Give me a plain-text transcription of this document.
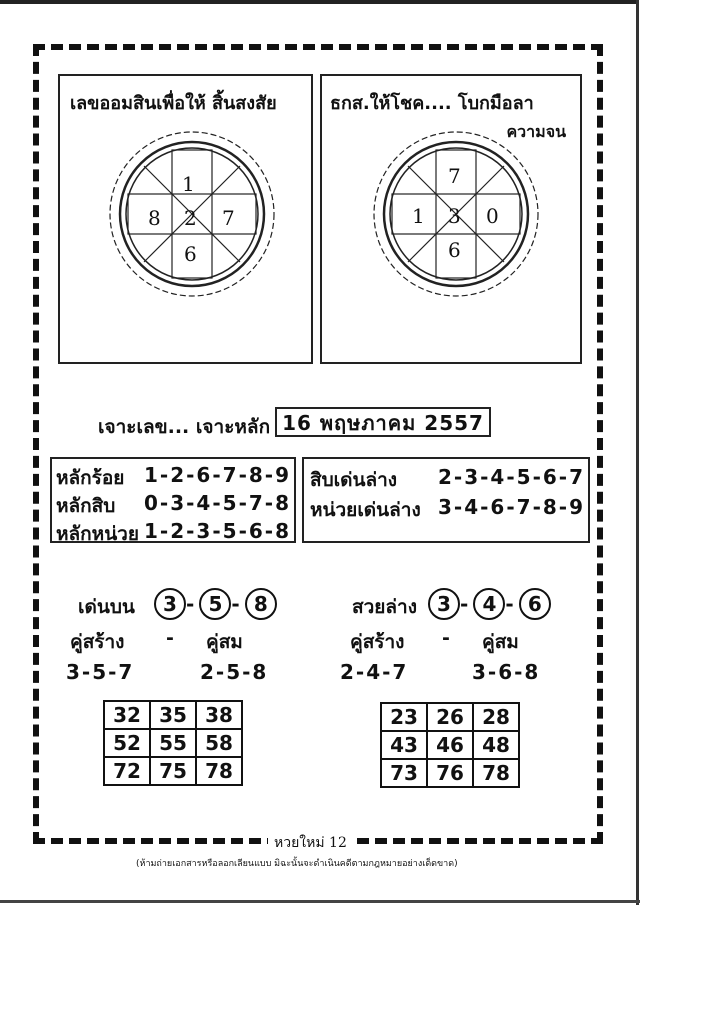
เลขออมสินเพื่อให้ สิ้นสงสัย
1
8 2 7
6
ธกส.ให้โชค.... โบกมือลา
ความจน
7
1 3 0
6
เจาะเลข... เจาะหลัก 16 พฤษภาคม 2557
หลักร้อย 1-2-6-7-8-9
หลักสิบ 0-3-4-5-7-8
หลักหน่วย 1-2-3-5-6-8
สิบเด่นล่าง 2-3-4-5-6-7
หน่วยเด่นล่าง 3-4-6-7-8-9
เด่นบน	3 - 5 - 8
คู่สร้าง - คู่สม
3-5-7	2-5-8
32	35	38
52	55	58
72	75	78
สวยล่าง	3 - 4 - 6
คู่สร้าง - คู่สม
2-4-7	3-6-8
23	26	28
43	46	48
73	76	78
หวยใหม่ 12
(ห้ามถ่ายเอกสารหรือลอกเลียนแบบ มิฉะนั้นจะดำเนินคดีตามกฎหมายอย่างเด็ดขาด)
